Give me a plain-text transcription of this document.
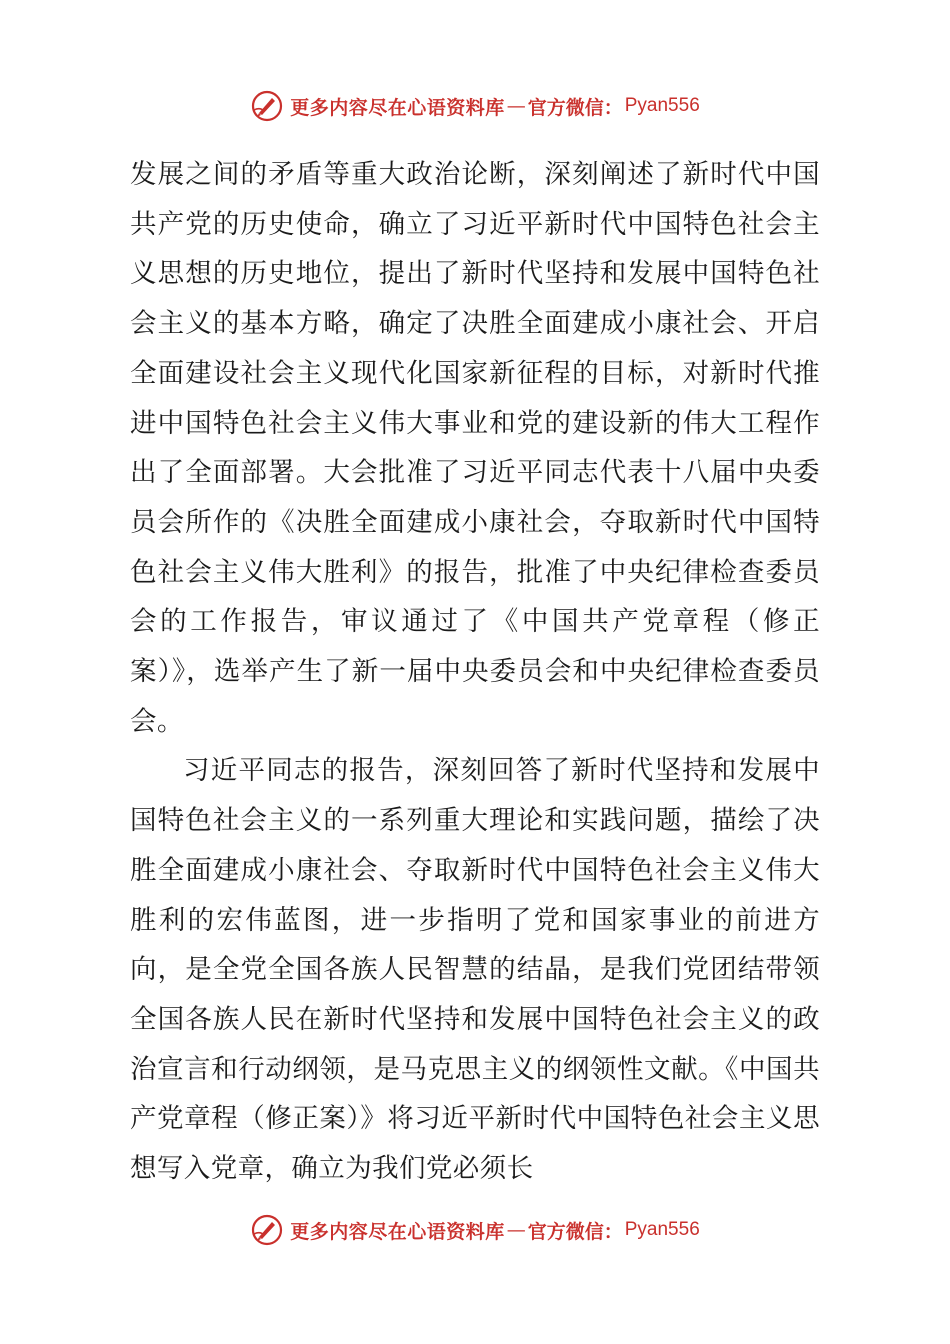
更多内容尽在心语资料库 — 官方微信： Pyan556

发展之间的矛盾等重大政治论断，深刻阐述了新时代中国共产党的历史使命，确立了习近平新时代中国特色社会主义思想的历史地位，提出了新时代坚持和发展中国特色社会主义的基本方略，确定了决胜全面建成小康社会、开启全面建设社会主义现代化国家新征程的目标，对新时代推进中国特色社会主义伟大事业和党的建设新的伟大工程作出了全面部署。大会批准了习近平同志代表十八届中央委员会所作的《决胜全面建成小康社会，夺取新时代中国特色社会主义伟大胜利》的报告，批准了中央纪律检查委员会的工作报告，审议通过了《中国共产党章程（修正案）》，选举产生了新一届中央委员会和中央纪律检查委员会。

习近平同志的报告，深刻回答了新时代坚持和发展中国特色社会主义的一系列重大理论和实践问题，描绘了决胜全面建成小康社会、夺取新时代中国特色社会主义伟大胜利的宏伟蓝图，进一步指明了党和国家事业的前进方向，是全党全国各族人民智慧的结晶，是我们党团结带领全国各族人民在新时代坚持和发展中国特色社会主义的政治宣言和行动纲领，是马克思主义的纲领性文献。《中国共产党章程（修正案）》将习近平新时代中国特色社会主义思想写入党章，确立为我们党必须长

更多内容尽在心语资料库 — 官方微信： Pyan556
